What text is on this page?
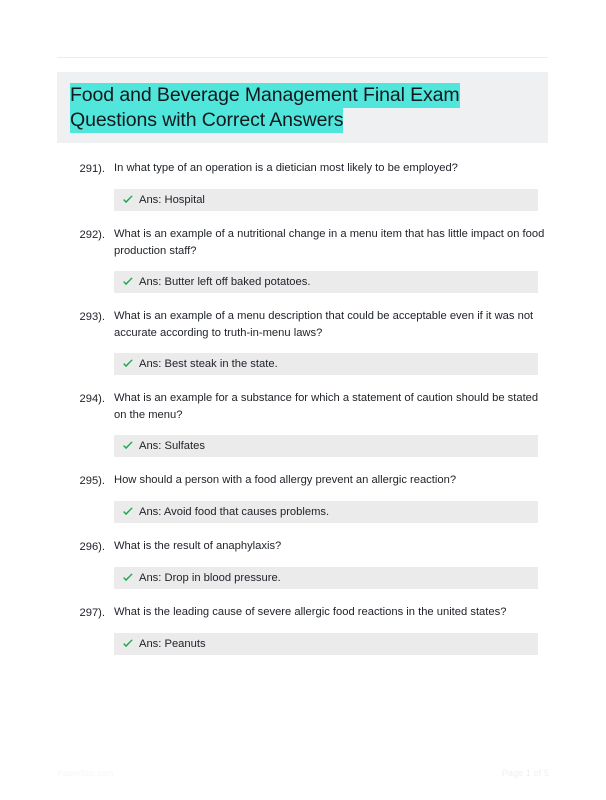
Food and Beverage Management Final Exam
Questions with Correct Answers
291). In what type of an operation is a dietician most likely to be employed?
Ans: Hospital
292). What is an example of a nutritional change in a menu item that has little impact on food production staff?
Ans: Butter left off baked potatoes.
293). What is an example of a menu description that could be acceptable even if it was not accurate according to truth-in-menu laws?
Ans: Best steak in the state.
294). What is an example for a substance for which a statement of caution should be stated on the menu?
Ans: Sulfates
295). How should a person with a food allergy prevent an allergic reaction?
Ans: Avoid food that causes problems.
296). What is the result of anaphylaxis?
Ans: Drop in blood pressure.
297). What is the leading cause of severe allergic food reactions in the united states?
Ans: Peanuts
PaperStic.com	Page 1 of 5
